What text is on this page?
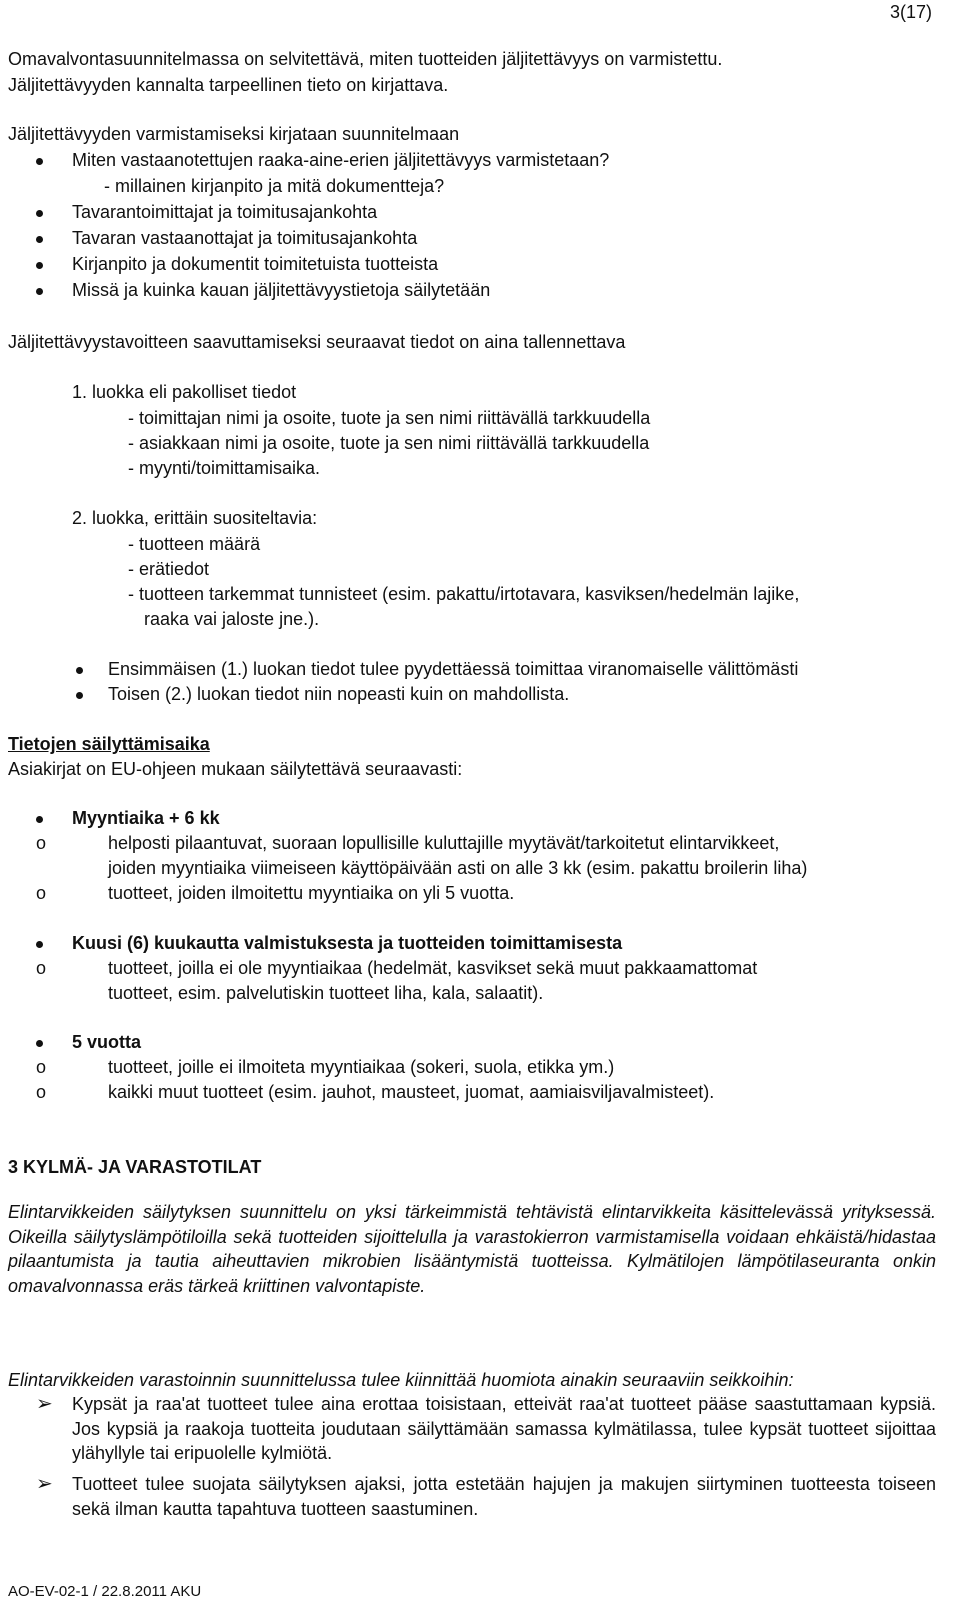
3(17)
Omavalvontasuunnitelmassa on selvitettävä, miten tuotteiden jäljitettävyys on varmistettu.
Jäljitettävyyden kannalta tarpeellinen tieto on kirjattava.
Jäljitettävyyden varmistamiseksi kirjataan suunnitelmaan
Miten vastaanotettujen raaka-aine-erien jäljitettävyys varmistetaan?
- millainen kirjanpito ja mitä dokumentteja?
Tavarantoimittajat ja toimitusajankohta
Tavaran vastaanottajat ja toimitusajankohta
Kirjanpito ja dokumentit toimitetuista tuotteista
Missä ja kuinka kauan jäljitettävyystietoja säilytetään
Jäljitettävyystavoitteen saavuttamiseksi seuraavat tiedot on aina tallennettava
1. luokka eli pakolliset tiedot
- toimittajan nimi ja osoite, tuote ja sen nimi riittävällä tarkkuudella
- asiakkaan nimi ja osoite, tuote ja sen nimi riittävällä tarkkuudella
- myynti/toimittamisaika.
2. luokka, erittäin suositeltavia:
- tuotteen määrä
- erätiedot
- tuotteen tarkemmat tunnisteet (esim. pakattu/irtotavara, kasviksen/hedelmän lajike,
raaka vai jaloste jne.).
Ensimmäisen (1.) luokan tiedot tulee pyydettäessä toimittaa viranomaiselle välittömästi
Toisen (2.) luokan tiedot niin nopeasti kuin on mahdollista.
Tietojen säilyttämisaika
Asiakirjat on EU-ohjeen mukaan säilytettävä seuraavasti:
Myyntiaika + 6 kk
o	helposti pilaantuvat, suoraan lopullisille kuluttajille myytävät/tarkoitetut elintarvikkeet,
joiden myyntiaika viimeiseen käyttöpäivään asti on alle 3 kk (esim. pakattu broilerin liha)
o	tuotteet, joiden ilmoitettu myyntiaika on yli 5 vuotta.
Kuusi (6) kuukautta valmistuksesta ja tuotteiden toimittamisesta
o	tuotteet, joilla ei ole myyntiaikaa (hedelmät, kasvikset sekä muut pakkaamattomat
tuotteet, esim. palvelutiskin tuotteet liha, kala, salaatit).
5 vuotta
o	tuotteet, joille ei ilmoiteta myyntiaikaa (sokeri, suola, etikka ym.)
o	kaikki muut tuotteet (esim. jauhot, mausteet, juomat, aamiaisviljavalmisteet).
3 KYLMÄ- JA VARASTOTILAT
Elintarvikkeiden säilytyksen suunnittelu on yksi tärkeimmistä tehtävistä elintarvikkeita käsittelevässä yrityksessä. Oikeilla säilytyslämpötiloilla sekä tuotteiden sijoittelulla ja varastokierron varmistamisella voidaan ehkäistä/hidastaa pilaantumista ja tautia aiheuttavien mikrobien lisääntymistä tuotteissa. Kylmätilojen lämpötilaseuranta onkin omavalvonnassa eräs tärkeä kriittinen valvontapiste.
Elintarvikkeiden varastoinnin suunnittelussa tulee kiinnittää huomiota ainakin seuraaviin seikkoihin:
➢ Kypsät ja raa'at tuotteet tulee aina erottaa toisistaan, etteivät raa'at tuotteet pääse saastuttamaan kypsiä. Jos kypsiä ja raakoja tuotteita joudutaan säilyttämään samassa kylmätilassa, tulee kypsät tuotteet sijoittaa ylähyllyle tai eripuolelle kylmiötä.
➢ Tuotteet tulee suojata säilytyksen ajaksi, jotta estetään hajujen ja makujen siirtyminen tuotteesta toiseen sekä ilman kautta tapahtuva tuotteen saastuminen.
AO-EV-02-1 / 22.8.2011 AKU
